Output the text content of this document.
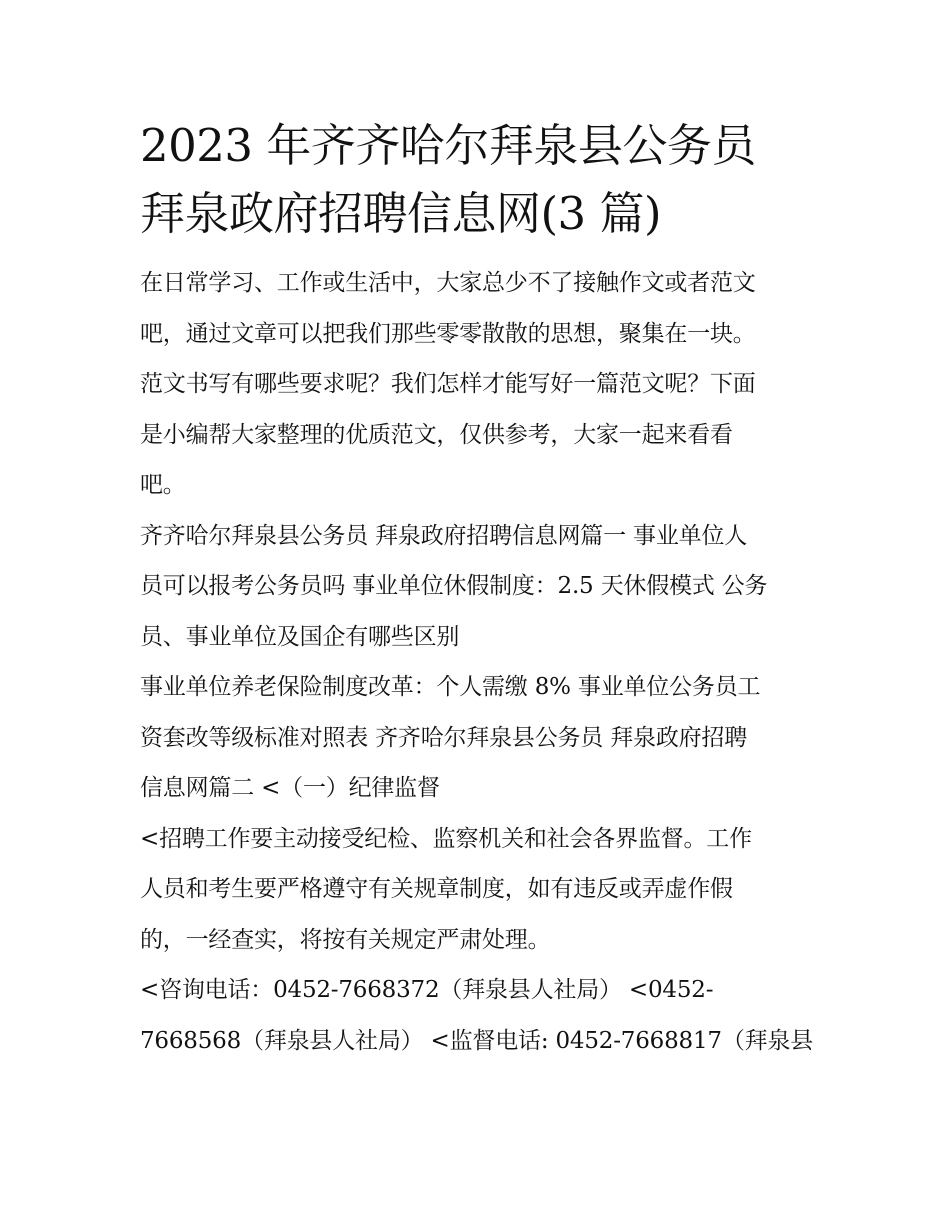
2023 年齐齐哈尔拜泉县公务员
拜泉政府招聘信息网(3 篇)

在日常学习、工作或生活中，大家总少不了接触作文或者范文
吧，通过文章可以把我们那些零零散散的思想，聚集在一块。
范文书写有哪些要求呢？我们怎样才能写好一篇范文呢？下面
是小编帮大家整理的优质范文，仅供参考，大家一起来看看
吧。

齐齐哈尔拜泉县公务员 拜泉政府招聘信息网篇一 事业单位人
员可以报考公务员吗 事业单位休假制度：2.5 天休假模式 公务
员、事业单位及国企有哪些区别

事业单位养老保险制度改革：个人需缴 8% 事业单位公务员工
资套改等级标准对照表 齐齐哈尔拜泉县公务员 拜泉政府招聘
信息网篇二 <（一）纪律监督

<招聘工作要主动接受纪检、监察机关和社会各界监督。工作
人员和考生要严格遵守有关规章制度，如有违反或弄虚作假
的，一经查实，将按有关规定严肃处理。

<咨询电话：0452-7668372（拜泉县人社局） <0452-
7668568（拜泉县人社局） <监督电话: 0452-7668817（拜泉县
